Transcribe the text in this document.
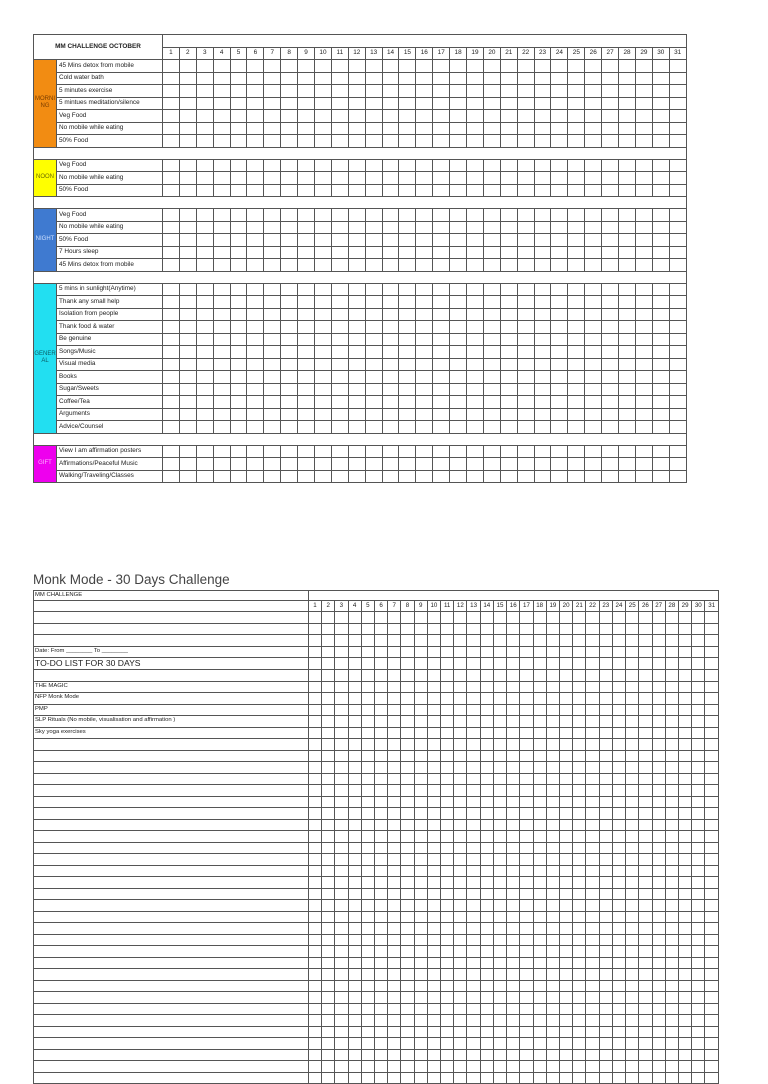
MM CHALLENGE OCTOBER																																
		1	2	3	4	5	6	7	8	9	10	11	12	13	14	15	16	17	18	19	20	21	22	23	24	25	26	27	28	29	30	31
MORNING	45 Mins detox from mobile																															
	Cold water bath																															
	5 minutes exercise																															
	5 mintues meditation/silence																															
	Veg Food																															
	No mobile while eating																															
	50% Food																															

NOON	Veg Food																															
	No mobile while eating																															
	50% Food																															

NIGHT	Veg Food																															
	No mobile while eating																															
	50% Food																															
	7 Hours sleep																															
	45 Mins detox from mobile																															

GENERAL	5 mins in sunlight(Anytime)																															
	Thank any small help																															
	Isolation from people																															
	Thank food & water																															
	Be genuine																															
	Songs/Music																															
	Visual media																															
	Books																															
	Sugar/Sweets																															
	Coffee/Tea																															
	Arguments																															
	Advice/Counsel																															

GIFT	View I am affirmation posters																															
	Affirmations/Peaceful Music																															
	Walking/Traveling/Classes																															
Monk Mode - 30 Days Challenge
MM CHALLENGE																															
	1	2	3	4	5	6	7	8	9	10	11	12	13	14	15	16	17	18	19	20	21	22	23	24	25	26	27	28	29	30	31

Date: From ________ To ________																															
TO-DO LIST FOR 30 DAYS																															

THE MAGIC																															
NFP Monk Mode																															
PMP																															
SLP Rituals (No mobile, visualisation and affirmation )																															
Sky yoga exercises																															
